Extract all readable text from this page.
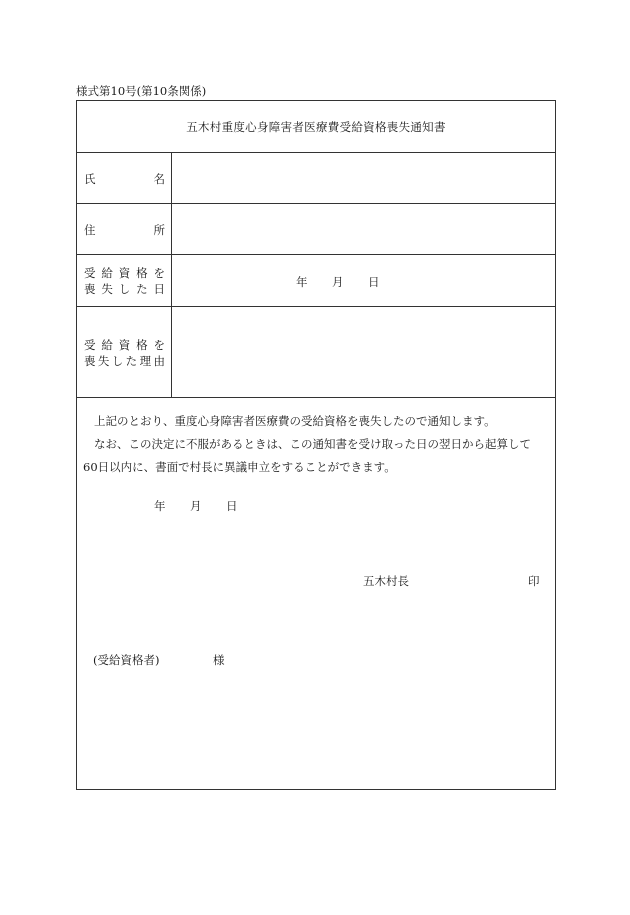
様式第10号(第10条関係)
五木村重度心身障害者医療費受給資格喪失通知書
氏	名
住	所
受 給 資 格 を
喪 失 し た 日	年 月 日
受 給 資 格 を
喪 失 し た 理 由
上記のとおり、重度心身障害者医療費の受給資格を喪失したので通知します。
なお、この決定に不服があるときは、この通知書を受け取った日の翌日から起算して
60日以内に、書面で村長に異議申立をすることができます。
年 月 日
五木村長	印
(受給資格者)	様
